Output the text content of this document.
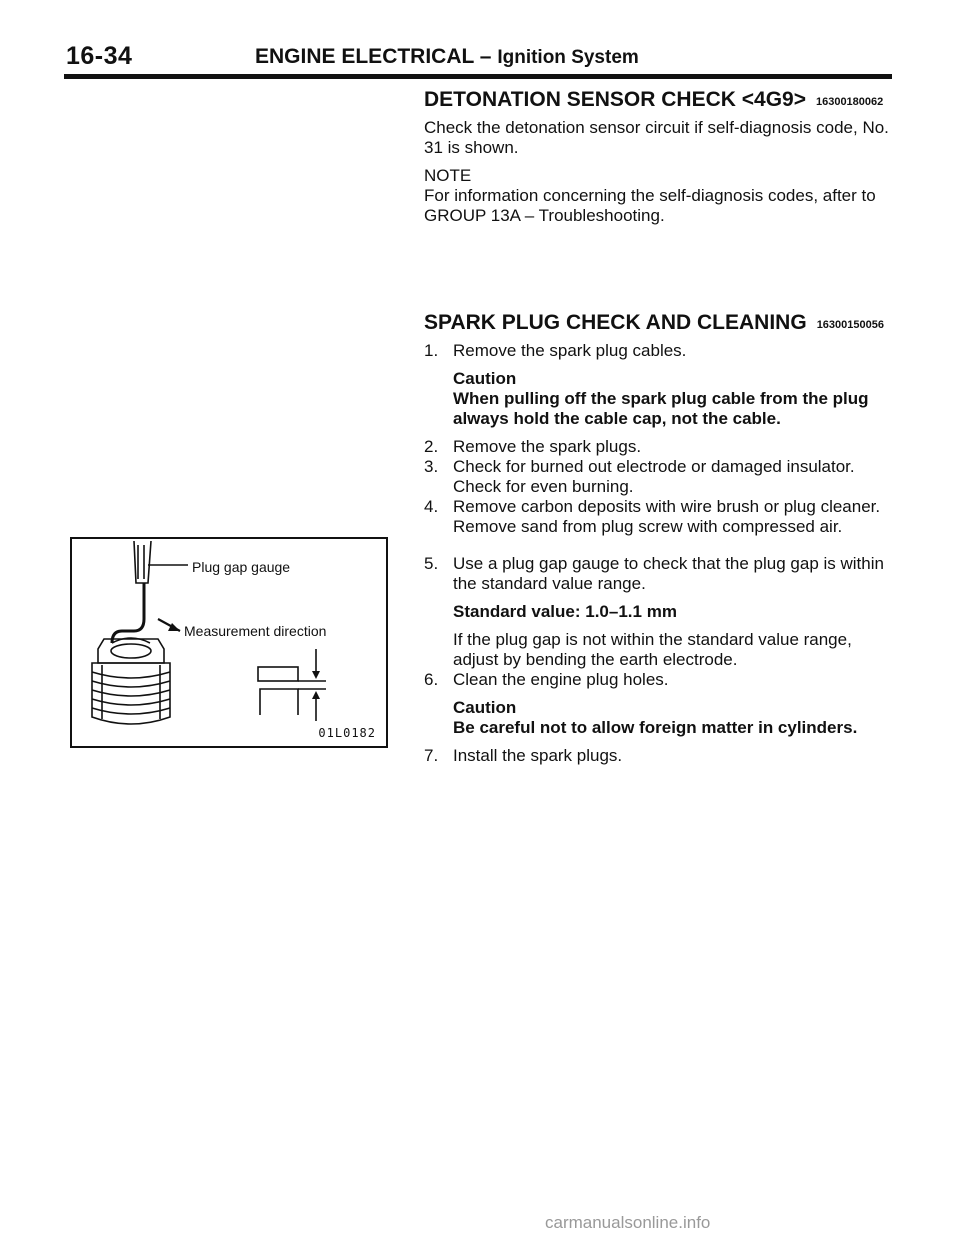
16-34	ENGINE ELECTRICAL – Ignition System
DETONATION SENSOR CHECK <4G9> 16300180062

Check the detonation sensor circuit if self-diagnosis code, No. 31 is shown.

NOTE

For information concerning the self-diagnosis codes, after to GROUP 13A – Troubleshooting.

SPARK PLUG CHECK AND CLEANING 16300150056
1. Remove the spark plug cables.

Caution

When pulling off the spark plug cable from the plug always hold the cable cap, not the cable.

2. Remove the spark plugs.
3. Check for burned out electrode or damaged insulator. Check for even burning.
4. Remove carbon deposits with wire brush or plug cleaner. Remove sand from plug screw with compressed air.
5. Use a plug gap gauge to check that the plug gap is within the standard value range.

Standard value: 1.0–1.1 mm

If the plug gap is not within the standard value range, adjust by bending the earth electrode.

6. Clean the engine plug holes.

Caution

Be careful not to allow foreign matter in cylinders.

7. Install the spark plugs.
Plug gap gauge
Measurement direction
01L0182
carmanualsonline.info
